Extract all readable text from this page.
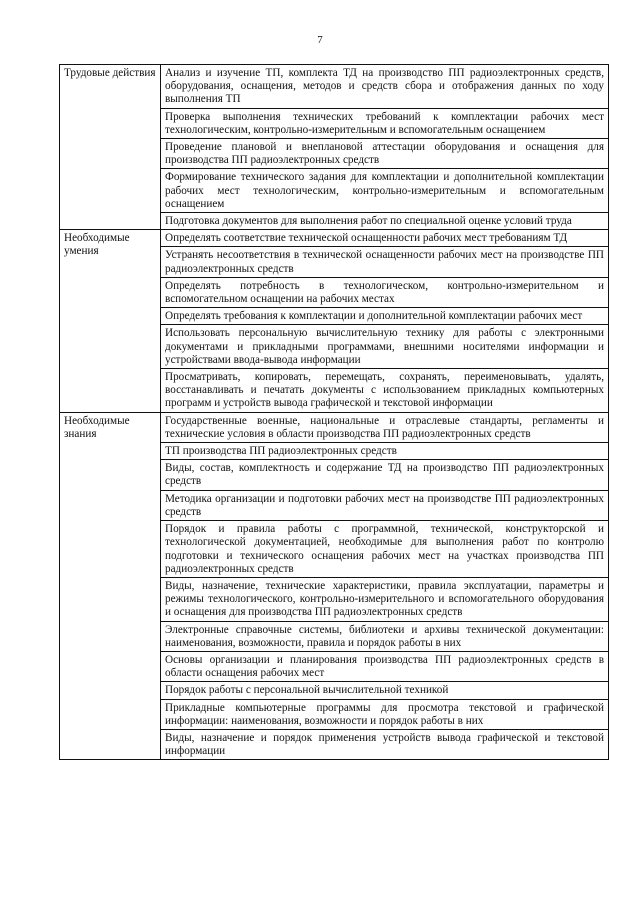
7
Трудовые действия	Анализ и изучение ТП, комплекта ТД на производство ПП радиоэлектронных средств, оборудования, оснащения, методов и средств сбора и отображения данных по ходу выполнения ТП
	Проверка выполнения технических требований к комплектации рабочих мест технологическим, контрольно-измерительным и вспомогательным оснащением
	Проведение плановой и внеплановой аттестации оборудования и оснащения для производства ПП радиоэлектронных средств
	Формирование технического задания для комплектации и дополнительной комплектации рабочих мест технологическим, контрольно-измерительным и вспомогательным оснащением
	Подготовка документов для выполнения работ по специальной оценке условий труда
Необходимые умения	Определять соответствие технической оснащенности рабочих мест требованиям ТД
	Устранять несоответствия в технической оснащенности рабочих мест на производстве ПП радиоэлектронных средств
	Определять потребность в технологическом, контрольно-измерительном и вспомогательном оснащении на рабочих местах
	Определять требования к комплектации и дополнительной комплектации рабочих мест
	Использовать персональную вычислительную технику для работы с электронными документами и прикладными программами, внешними носителями информации и устройствами ввода-вывода информации
	Просматривать, копировать, перемещать, сохранять, переименовывать, удалять, восстанавливать и печатать документы с использованием прикладных компьютерных программ и устройств вывода графической и текстовой информации
Необходимые знания	Государственные военные, национальные и отраслевые стандарты, регламенты и технические условия в области производства ПП радиоэлектронных средств
	ТП производства ПП радиоэлектронных средств
	Виды, состав, комплектность и содержание ТД на производство ПП радиоэлектронных средств
	Методика организации и подготовки рабочих мест на производстве ПП радиоэлектронных средств
	Порядок и правила работы с программной, технической, конструкторской и технологической документацией, необходимые для выполнения работ по контролю подготовки и технического оснащения рабочих мест на участках производства ПП радиоэлектронных средств
	Виды, назначение, технические характеристики, правила эксплуатации, параметры и режимы технологического, контрольно-измерительного и вспомогательного оборудования и оснащения для производства ПП радиоэлектронных средств
	Электронные справочные системы, библиотеки и архивы технической документации: наименования, возможности, правила и порядок работы в них
	Основы организации и планирования производства ПП радиоэлектронных средств в области оснащения рабочих мест
	Порядок работы с персональной вычислительной техникой
	Прикладные компьютерные программы для просмотра текстовой и графической информации: наименования, возможности и порядок работы в них
	Виды, назначение и порядок применения устройств вывода графической и текстовой информации
